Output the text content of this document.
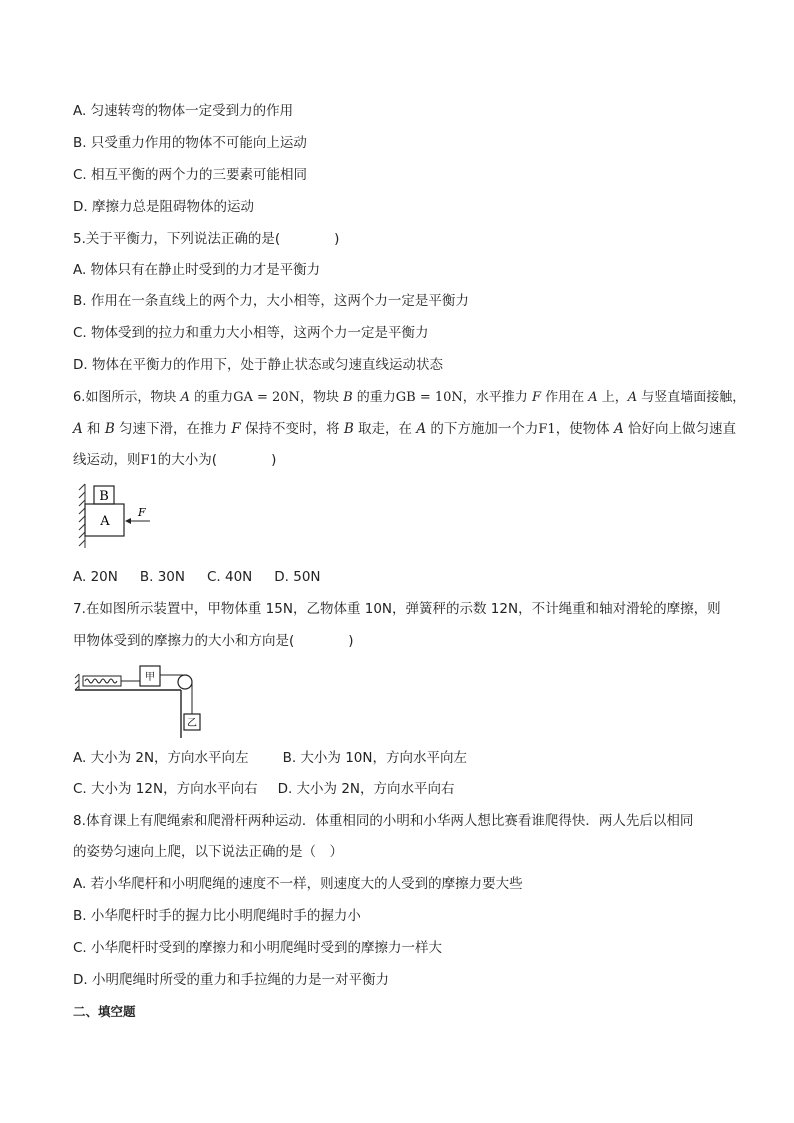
A. 匀速转弯的物体一定受到力的作用
B. 只受重力作用的物体不可能向上运动
C. 相互平衡的两个力的三要素可能相同
D. 摩擦力总是阻碍物体的运动
5.关于平衡力，下列说法正确的是(　　　　)
A. 物体只有在静止时受到的力才是平衡力
B. 作用在一条直线上的两个力，大小相等，这两个力一定是平衡力
C. 物体受到的拉力和重力大小相等，这两个力一定是平衡力
D. 物体在平衡力的作用下，处于静止状态或匀速直线运动状态
6.如图所示，物块 A 的重力GA = 20N，物块 B 的重力GB = 10N，水平推力 F 作用在 A 上，A 与竖直墙面接触，
A 和 B 匀速下滑，在推力 F 保持不变时，将 B 取走，在 A 的下方施加一个力F1，使物体 A 恰好向上做匀速直
线运动，则F1的大小为(　　　　)
B
A
F
A. 20N B. 30N C. 40N D. 50N
7.在如图所示装置中，甲物体重 15N，乙物体重 10N，弹簧秤的示数 12N，不计绳重和轴对滑轮的摩擦，则
甲物体受到的摩擦力的大小和方向是(　　　　)
甲
乙
A. 大小为 2N，方向水平向左	B. 大小为 10N，方向水平向左
C. 大小为 12N，方向水平向右 D. 大小为 2N，方向水平向右
8.体育课上有爬绳索和爬滑杆两种运动．体重相同的小明和小华两人想比赛看谁爬得快．两人先后以相同
的姿势匀速向上爬，以下说法正确的是（　）
A. 若小华爬杆和小明爬绳的速度不一样，则速度大的人受到的摩擦力要大些
B. 小华爬杆时手的握力比小明爬绳时手的握力小
C. 小华爬杆时受到的摩擦力和小明爬绳时受到的摩擦力一样大
D. 小明爬绳时所受的重力和手拉绳的力是一对平衡力
二、填空题
